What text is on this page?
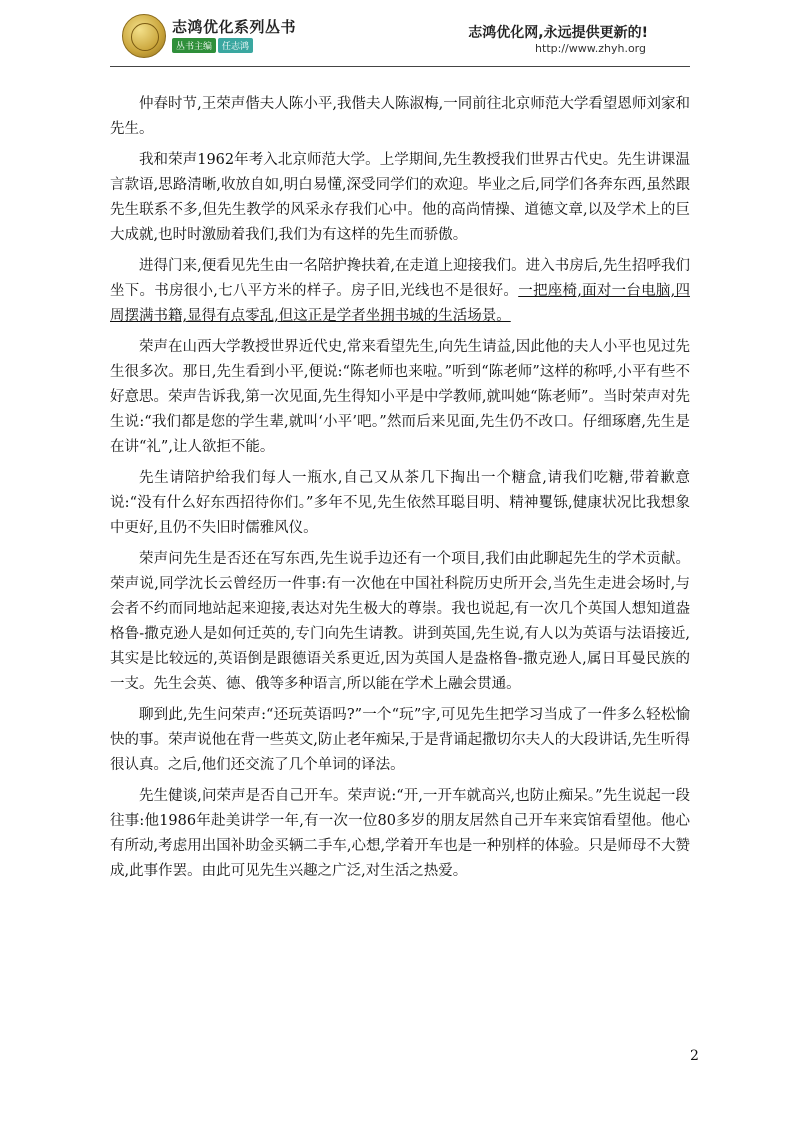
志鸿优化系列丛书
丛书主编 任志鸿
志鸿优化网,永远提供更新的!
http://www.zhyh.org

仲春时节,王荣声偕夫人陈小平,我偕夫人陈淑梅,一同前往北京师范大学看望恩师刘家和先生。

我和荣声1962年考入北京师范大学。上学期间,先生教授我们世界古代史。先生讲课温言款语,思路清晰,收放自如,明白易懂,深受同学们的欢迎。毕业之后,同学们各奔东西,虽然跟先生联系不多,但先生教学的风采永存我们心中。他的高尚情操、道德文章,以及学术上的巨大成就,也时时激励着我们,我们为有这样的先生而骄傲。

进得门来,便看见先生由一名陪护搀扶着,在走道上迎接我们。进入书房后,先生招呼我们坐下。书房很小,七八平方米的样子。房子旧,光线也不是很好。一把座椅,面对一台电脑,四周摆满书籍,显得有点零乱,但这正是学者坐拥书城的生活场景。

荣声在山西大学教授世界近代史,常来看望先生,向先生请益,因此他的夫人小平也见过先生很多次。那日,先生看到小平,便说:“陈老师也来啦。”听到“陈老师”这样的称呼,小平有些不好意思。荣声告诉我,第一次见面,先生得知小平是中学教师,就叫她“陈老师”。当时荣声对先生说:“我们都是您的学生辈,就叫‘小平’吧。”然而后来见面,先生仍不改口。仔细琢磨,先生是在讲“礼”,让人欲拒不能。

先生请陪护给我们每人一瓶水,自己又从茶几下掏出一个糖盒,请我们吃糖,带着歉意说:“没有什么好东西招待你们。”多年不见,先生依然耳聪目明、精神矍铄,健康状况比我想象中更好,且仍不失旧时儒雅风仪。

荣声问先生是否还在写东西,先生说手边还有一个项目,我们由此聊起先生的学术贡献。荣声说,同学沈长云曾经历一件事:有一次他在中国社科院历史所开会,当先生走进会场时,与会者不约而同地站起来迎接,表达对先生极大的尊崇。我也说起,有一次几个英国人想知道盎格鲁-撒克逊人是如何迁英的,专门向先生请教。讲到英国,先生说,有人以为英语与法语接近,其实是比较远的,英语倒是跟德语关系更近,因为英国人是盎格鲁-撒克逊人,属日耳曼民族的一支。先生会英、德、俄等多种语言,所以能在学术上融会贯通。

聊到此,先生问荣声:“还玩英语吗?”一个“玩”字,可见先生把学习当成了一件多么轻松愉快的事。荣声说他在背一些英文,防止老年痴呆,于是背诵起撒切尔夫人的大段讲话,先生听得很认真。之后,他们还交流了几个单词的译法。

先生健谈,问荣声是否自己开车。荣声说:“开,一开车就高兴,也防止痴呆。”先生说起一段往事:他1986年赴美讲学一年,有一次一位80多岁的朋友居然自己开车来宾馆看望他。他心有所动,考虑用出国补助金买辆二手车,心想,学着开车也是一种别样的体验。只是师母不大赞成,此事作罢。由此可见先生兴趣之广泛,对生活之热爱。

2
